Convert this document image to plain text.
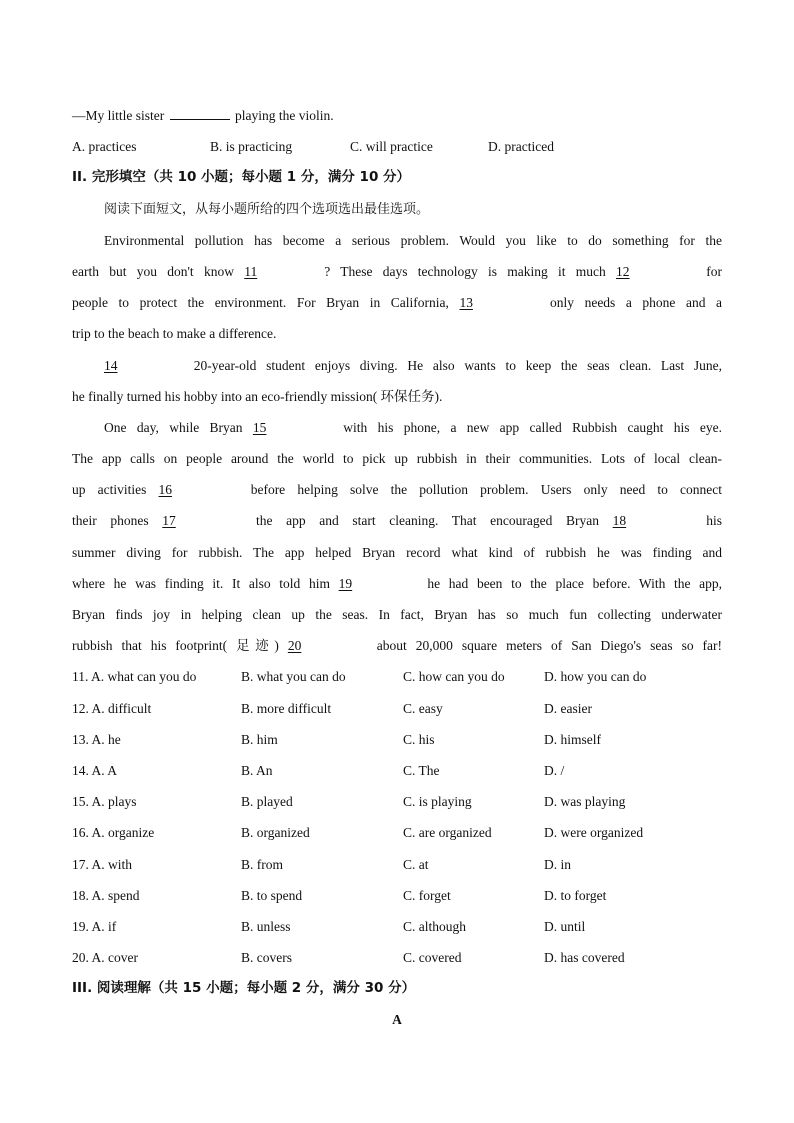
—My little sister	playing the violin.
A. practices	B. is practicing	C. will practice	D. practiced
II. 完形填空（共 10 小题；每小题 1 分，满分 10 分）
阅读下面短文，从每小题所给的四个选项选出最佳选项。
Environmental pollution has become a serious problem. Would you like to do something for the
earth but you don't know 11	? These days technology is making it much 12	for
people to protect the environment. For Bryan in California, 13	only needs a phone and a
trip to the beach to make a difference.
14	20-year-old student enjoys diving. He also wants to keep the seas clean. Last June,
he finally turned his hobby into an eco-friendly mission( 环保任务).
One day, while Bryan 15	with his phone, a new app called Rubbish caught his eye.
The app calls on people around the world to pick up rubbish in their communities. Lots of local clean-
up activities 16	before helping solve the pollution problem. Users only need to connect
their phones 17	the app and start cleaning. That encouraged Bryan 18	his
summer diving for rubbish. The app helped Bryan record what kind of rubbish he was finding and
where he was finding it. It also told him 19	he had been to the place before. With the app,
Bryan finds joy in helping clean up the seas. In fact, Bryan has so much fun collecting underwater
rubbish that his footprint( 足迹) 20	about 20,000 square meters of San Diego's seas so far!
11. A. what can you do	B. what you can do	C. how can you do	D. how you can do
12. A. difficult	B. more difficult	C. easy	D. easier
13. A. he	B. him	C. his	D. himself
14. A. A	B. An	C. The	D. /
15. A. plays	B. played	C. is playing	D. was playing
16. A. organize	B. organized	C. are organized	D. were organized
17. A. with	B. from	C. at	D. in
18. A. spend	B. to spend	C. forget	D. to forget
19. A. if	B. unless	C. although	D. until
20. A. cover	B. covers	C. covered	D. has covered
III. 阅读理解（共 15 小题；每小题 2 分，满分 30 分）
A
